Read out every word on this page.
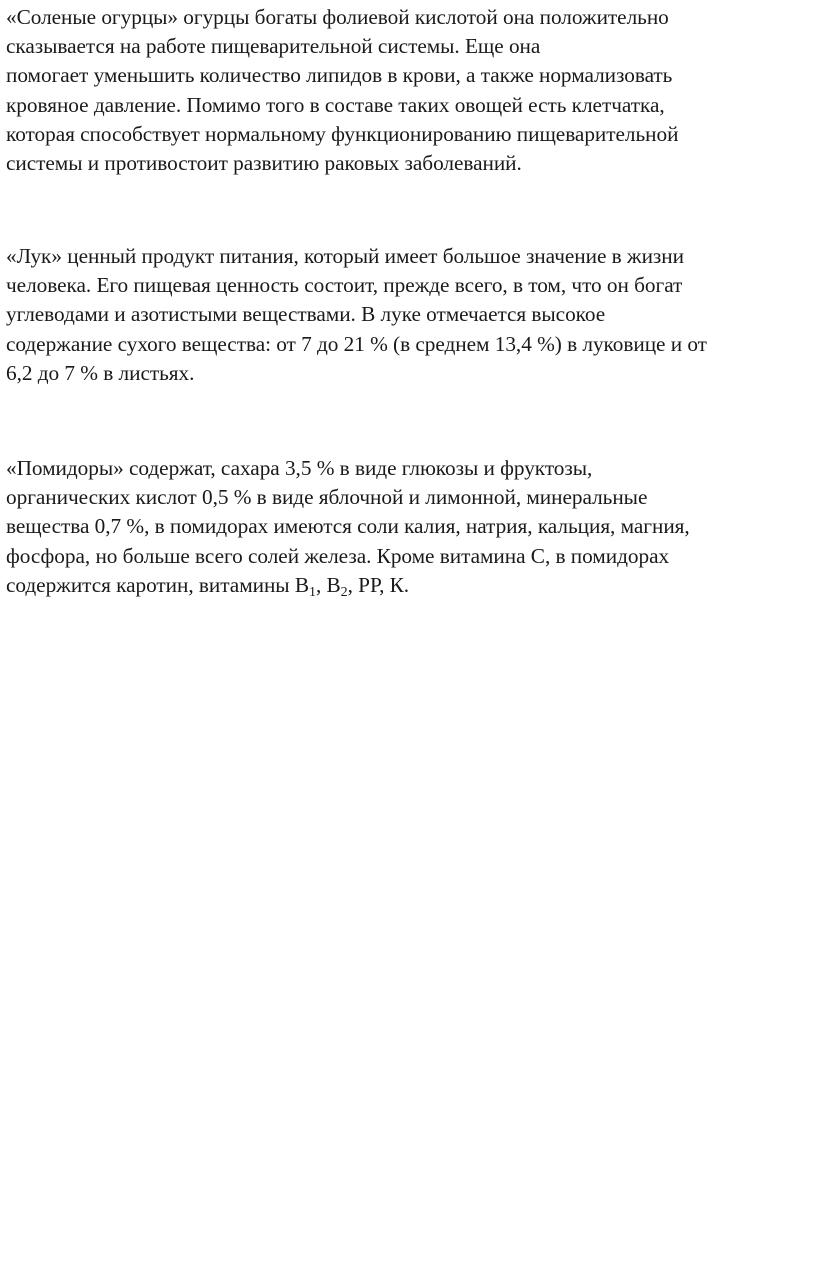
«Соленые огурцы» огурцы богаты фолиевой кислотой она положительно
сказывается на работе пищеварительной системы. Еще она
помогает уменьшить количество липидов в крови, а также нормализовать
кровяное давление. Помимо того в составе таких овощей есть клетчатка,
которая способствует нормальному функционированию пищеварительной
системы и противостоит развитию раковых заболеваний.

«Лук» ценный продукт питания, который имеет большое значение в жизни
человека. Его пищевая ценность состоит, прежде всего, в том, что он богат
углеводами и азотистыми веществами. В луке отмечается высокое
содержание сухого вещества: от 7 до 21 % (в среднем 13,4 %) в луковице и от
6,2 до 7 % в листьях.

«Помидоры» содержат, сахара 3,5 % в виде глюкозы и фруктозы,
органических кислот 0,5 % в виде яблочной и лимонной, минеральные
вещества 0,7 %, в помидорах имеются соли калия, натрия, кальция, магния,
фосфора, но больше всего солей железа. Кроме витамина С, в помидорах
содержится каротин, витамины $В_1$, $В_2$, РР, К.
